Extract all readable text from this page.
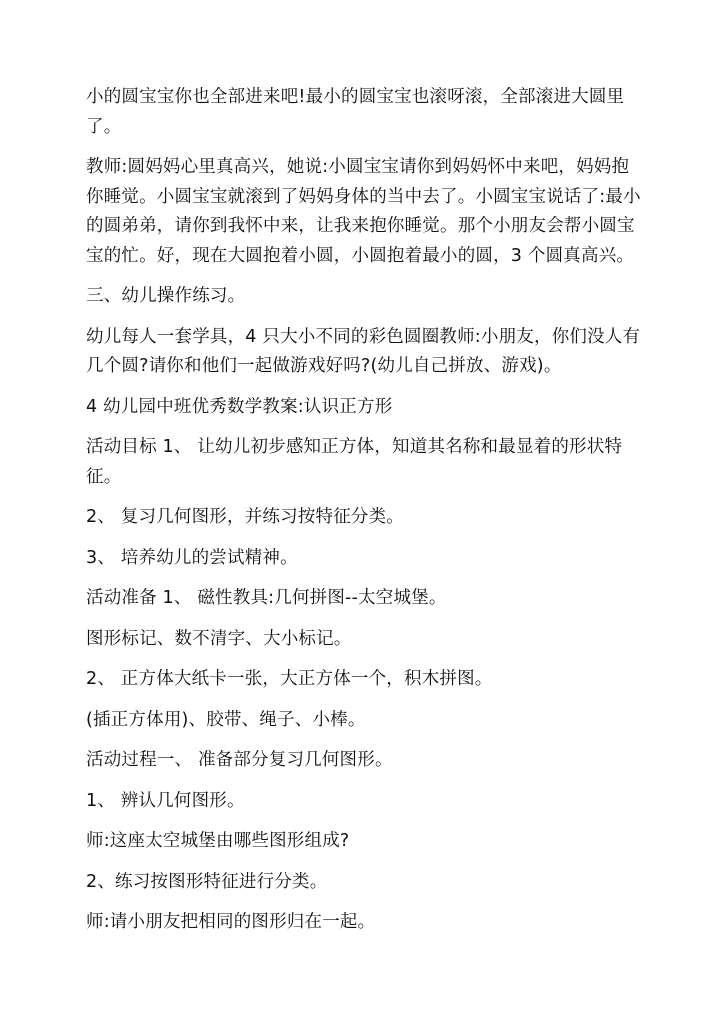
小的圆宝宝你也全部进来吧!最小的圆宝宝也滚呀滚，全部滚进大圆里了。

教师:圆妈妈心里真高兴，她说:小圆宝宝请你到妈妈怀中来吧，妈妈抱你睡觉。小圆宝宝就滚到了妈妈身体的当中去了。小圆宝宝说话了:最小的圆弟弟，请你到我怀中来，让我来抱你睡觉。那个小朋友会帮小圆宝宝的忙。好，现在大圆抱着小圆，小圆抱着最小的圆，3 个圆真高兴。

三、幼儿操作练习。

幼儿每人一套学具，4 只大小不同的彩色圆圈教师:小朋友，你们没人有几个圆?请你和他们一起做游戏好吗?(幼儿自己拼放、游戏)。

4 幼儿园中班优秀数学教案:认识正方形

活动目标 1、 让幼儿初步感知正方体，知道其名称和最显着的形状特征。

2、 复习几何图形，并练习按特征分类。

3、 培养幼儿的尝试精神。

活动准备 1、 磁性教具:几何拼图--太空城堡。

图形标记、数不清字、大小标记。

2、 正方体大纸卡一张，大正方体一个，积木拼图。

(插正方体用)、胶带、绳子、小棒。

活动过程一、 准备部分复习几何图形。

1、 辨认几何图形。

师:这座太空城堡由哪些图形组成?

2、练习按图形特征进行分类。

师:请小朋友把相同的图形归在一起。
